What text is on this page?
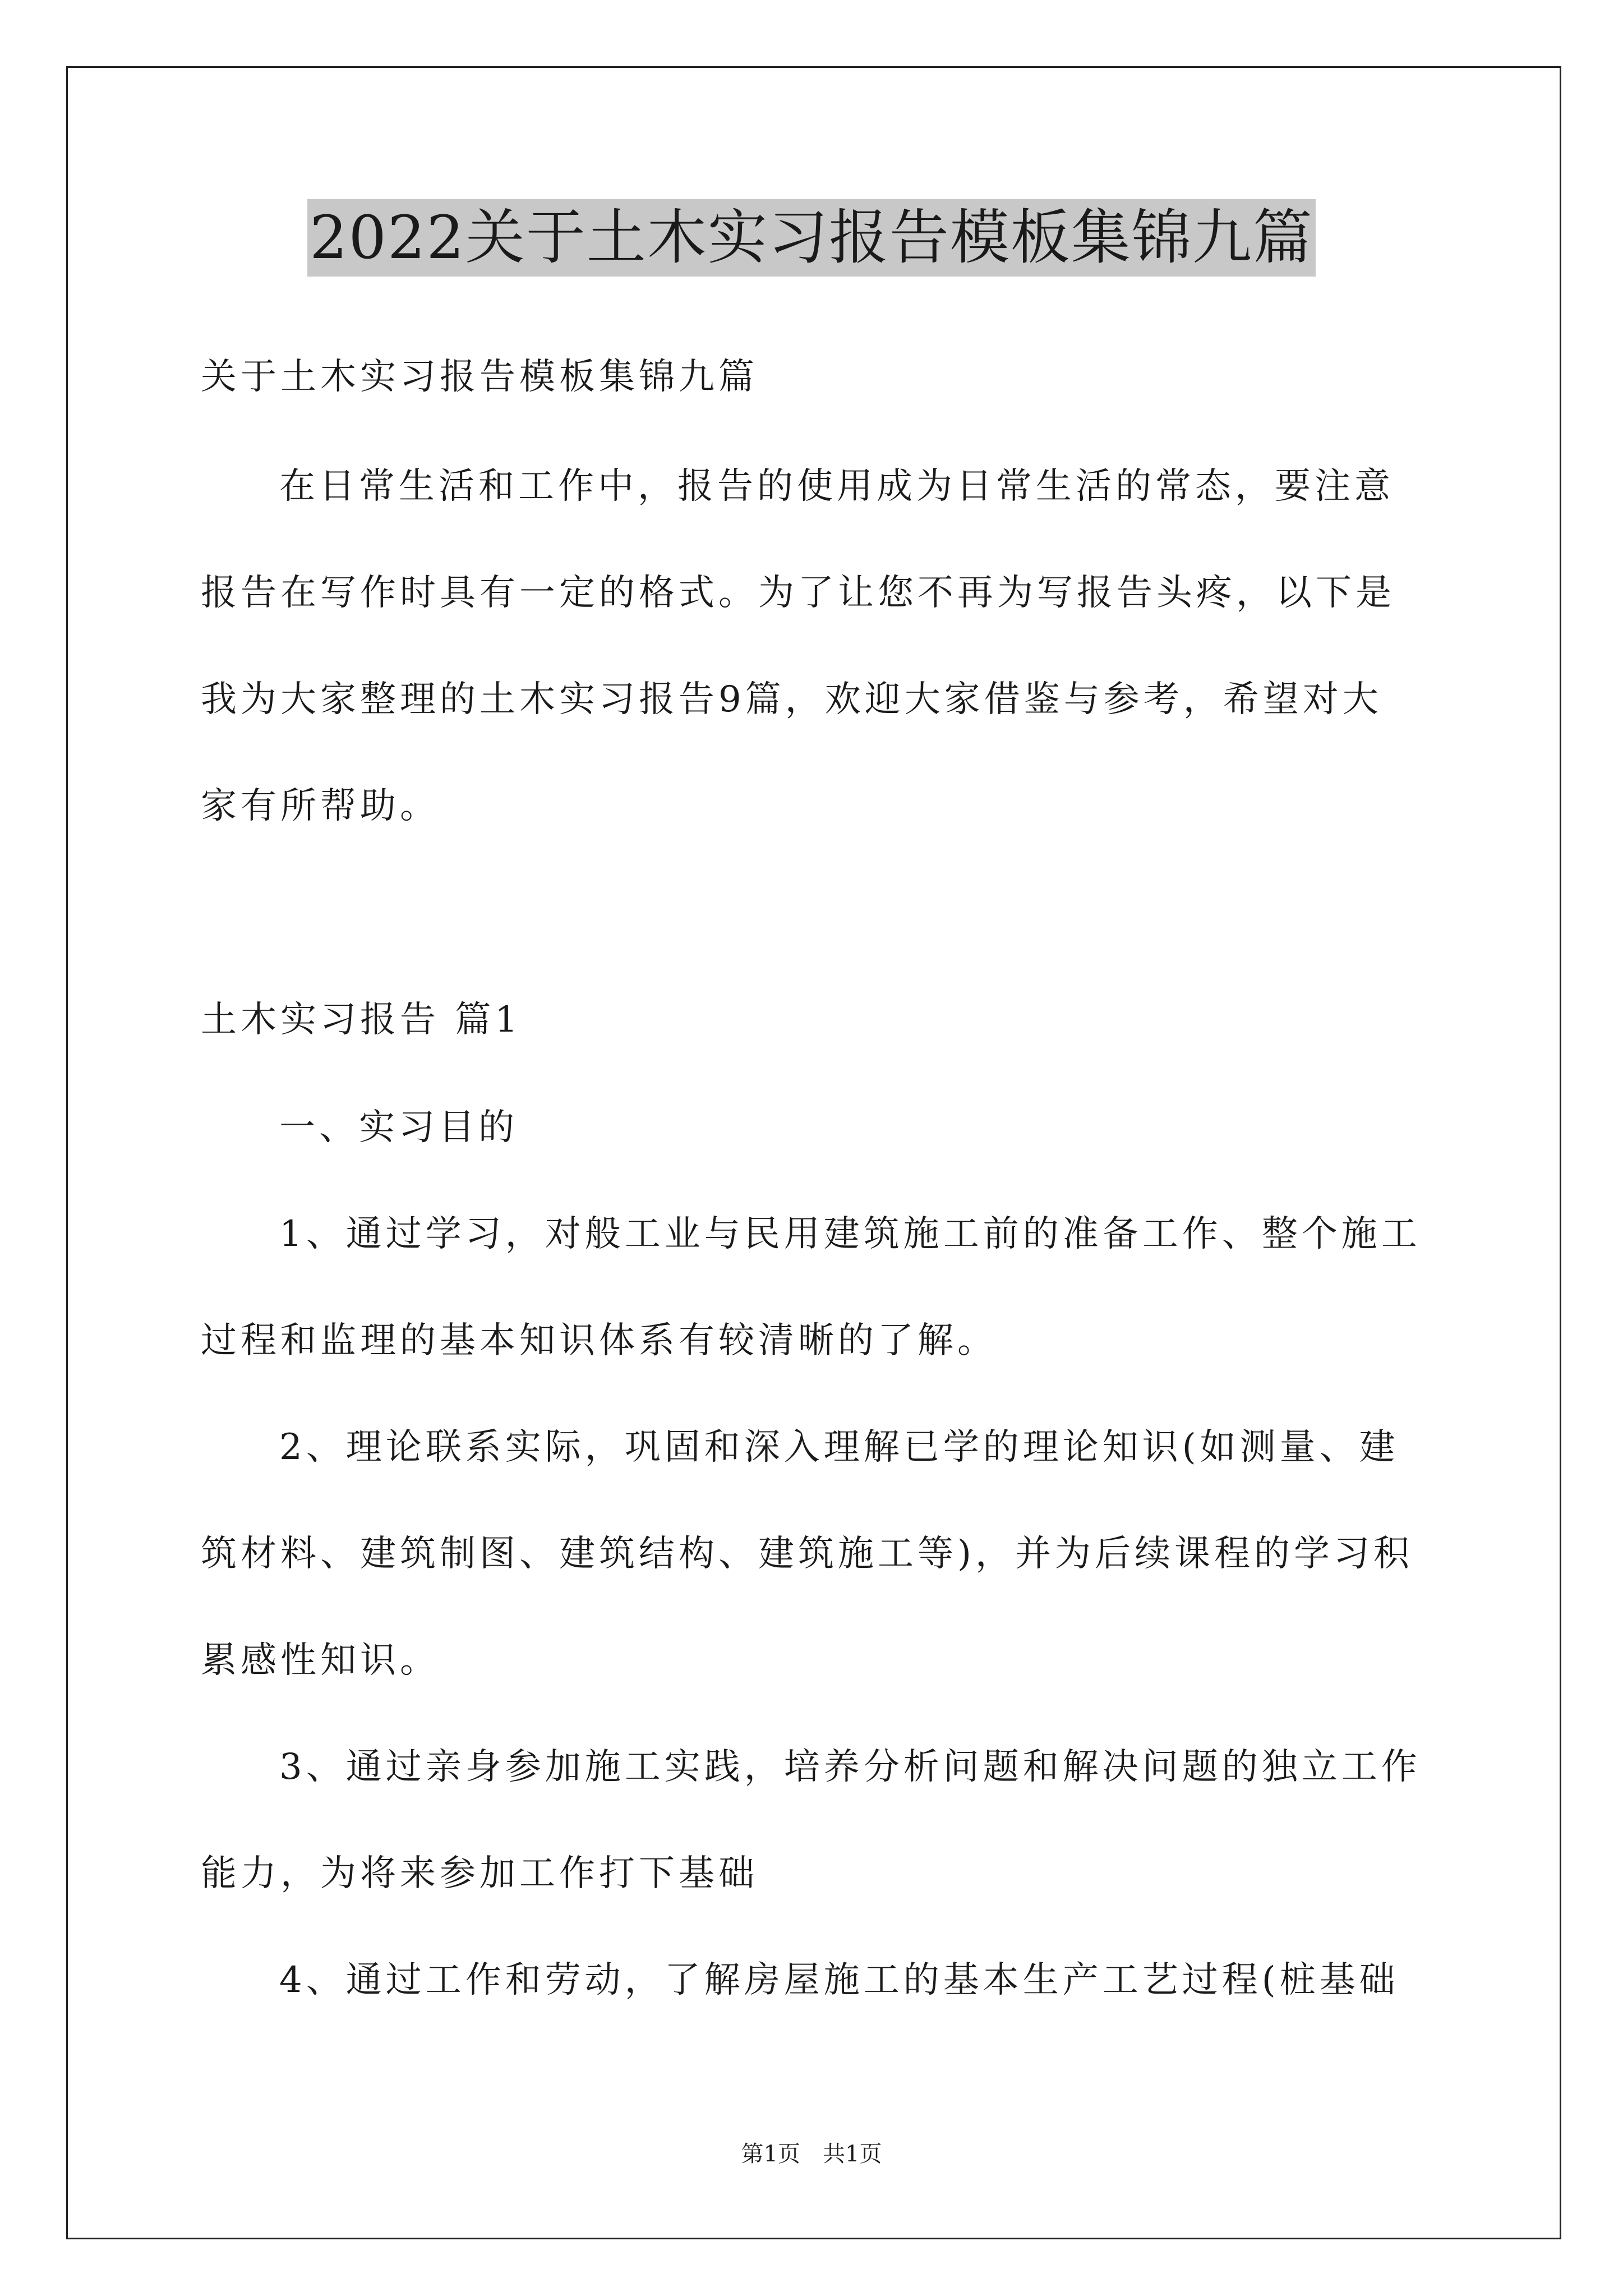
2022关于土木实习报告模板集锦九篇
关于土木实习报告模板集锦九篇
在日常生活和工作中，报告的使用成为日常生活的常态，要注意
报告在写作时具有一定的格式。为了让您不再为写报告头疼，以下是
我为大家整理的土木实习报告9篇，欢迎大家借鉴与参考，希望对大
家有所帮助。
土木实习报告 篇1
一、实习目的
1、通过学习，对般工业与民用建筑施工前的准备工作、整个施工
过程和监理的基本知识体系有较清晰的了解。
2、理论联系实际，巩固和深入理解已学的理论知识(如测量、建
筑材料、建筑制图、建筑结构、建筑施工等)，并为后续课程的学习积
累感性知识。
3、通过亲身参加施工实践，培养分析问题和解决问题的独立工作
能力，为将来参加工作打下基础
4、通过工作和劳动，了解房屋施工的基本生产工艺过程(桩基础
第1页　共1页
